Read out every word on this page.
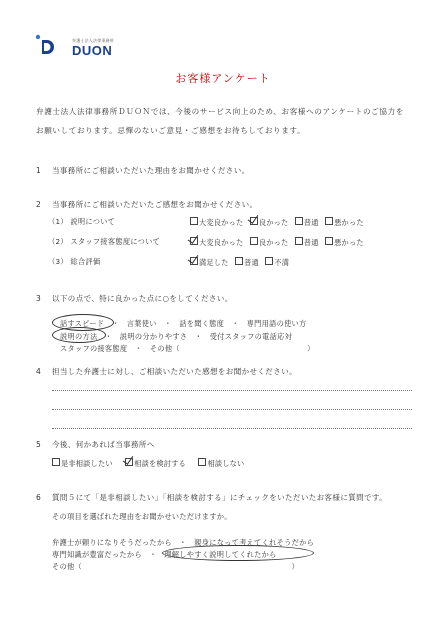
弁護士法人法律事務所
DUON
お客様アンケート
弁護士法人法律事務所ＤＵＯＮでは、今後のサービス向上のため、お客様へのアンケートのご協力を
お願いしております。忌憚のないご意見・ご感想をお待ちしております。
1 当事務所にご相談いただいた理由をお聞かせください。
2 当事務所にご相談いただいたご感想をお聞かせください。
（1） 説明について	大変良かった 良かった 普通 悪かった
（2） スタッフ接客態度について	大変良かった 良かった 普通 悪かった
（3） 総合評価	満足した 普通 不満
3 以下の点で、特に良かった点に○をしてください。
話すスピード　・　言葉使い　・　話を聞く態度　・　専門用語の使い方
説明の方法　・　説明の分かりやすさ　・　受付スタッフの電話応対
スタッフの接客態度　・　その他（　　　　　　　　　　　　　　　　　）
4 担当した弁護士に対し、ご相談いただいた感想をお聞かせください。
5 今後、何かあれば当事務所へ
是非相談したい	相談を検討する	相談しない
6 質問５にて「是非相談したい」「相談を検討する」にチェックをいただいたお客様に質問です。
その項目を選ばれた理由をお聞かせいただけますか。
弁護士が頼りになりそうだったから　・　親身になって考えてくれそうだから
専門知識が豊富だったから　・　理解しやすく説明してくれたから
その他（　　　　　　　　　　　　　　　　　　　　　　　　　　　　）
